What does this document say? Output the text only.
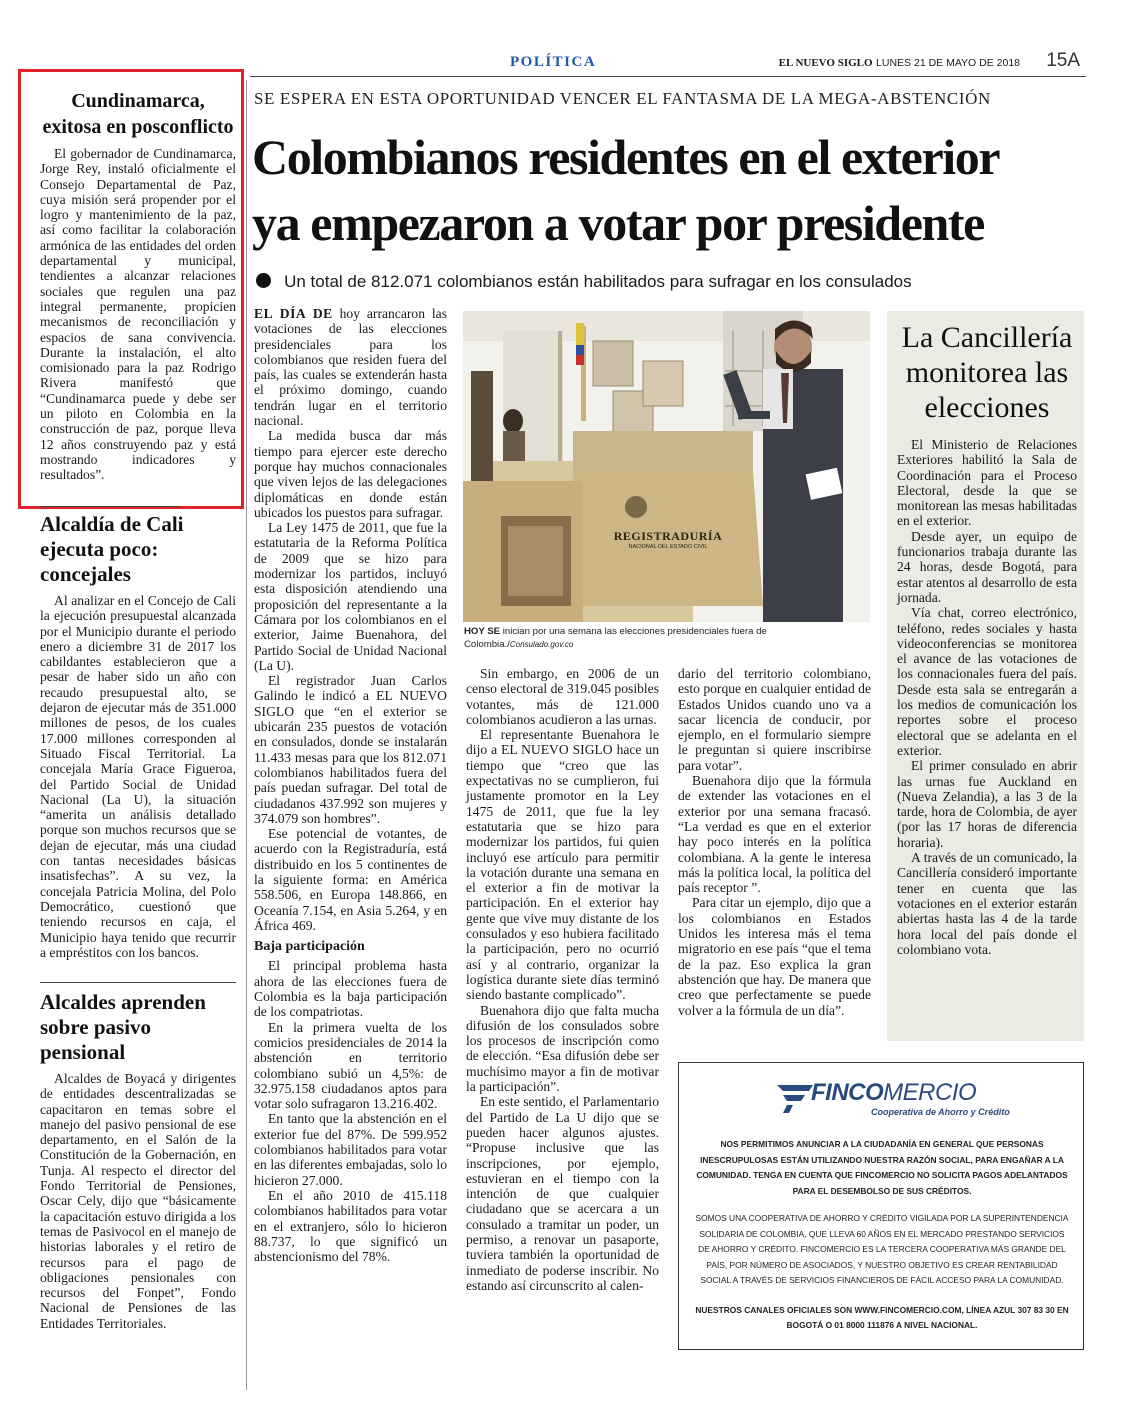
POLÍTICA	EL NUEVO SIGLO LUNES 21 DE MAYO DE 2018 15A
Cundinamarca, exitosa en posconflicto

El gobernador de Cundinamarca, Jorge Rey, instaló oficialmente el Consejo Departamental de Paz, cuya misión será propender por el logro y mantenimiento de la paz, así como facilitar la colaboración armónica de las entidades del orden departamental y municipal, tendientes a alcanzar relaciones sociales que regulen una paz integral permanente, propicien mecanismos de reconciliación y espacios de sana convivencia. Durante la instalación, el alto comisionado para la paz Rodrigo Rivera manifestó que “Cundinamarca puede y debe ser un piloto en Colombia en la construcción de paz, porque lleva 12 años construyendo paz y está mostrando indicadores y resultados”.

Alcaldía de Cali ejecuta poco: concejales

Al analizar en el Concejo de Cali la ejecución presupuestal alcanzada por el Municipio durante el periodo enero a diciembre 31 de 2017 los cabildantes establecieron que a pesar de haber sido un año con recaudo presupuestal alto, se dejaron de ejecutar más de 351.000 millones de pesos, de los cuales 17.000 millones corresponden al Situado Fiscal Territorial. La concejala María Grace Figueroa, del Partido Social de Unidad Nacional (La U), la situación “amerita un análisis detallado porque son muchos recursos que se dejan de ejecutar, más una ciudad con tantas necesidades básicas insatisfechas”. A su vez, la concejala Patricia Molina, del Polo Democrático, cuestionó que teniendo recursos en caja, el Municipio haya tenido que recurrir a empréstitos con los bancos.

Alcaldes aprenden sobre pasivo pensional

Alcaldes de Boyacá y dirigentes de entidades descentralizadas se capacitaron en temas sobre el manejo del pasivo pensional de ese departamento, en el Salón de la Constitución de la Gobernación, en Tunja. Al respecto el director del Fondo Territorial de Pensiones, Oscar Cely, dijo que “básicamente la capacitación estuvo dirigida a los temas de Pasivocol en el manejo de historias laborales y el retiro de recursos para el pago de obligaciones pensionales con recursos del Fonpet”, Fondo Nacional de Pensiones de las Entidades Territoriales.

SE ESPERA EN ESTA OPORTUNIDAD VENCER EL FANTASMA DE LA MEGA-ABSTENCIÓN
Colombianos residentes en el exterior
ya empezaron a votar por presidente
Un total de 812.071 colombianos están habilitados para sufragar en los consulados

EL DÍA DE hoy arrancaron las votaciones de las elecciones presidenciales para los colombianos que residen fuera del país, las cuales se extenderán hasta el próximo domingo, cuando tendrán lugar en el territorio nacional.

La medida busca dar más tiempo para ejercer este derecho porque hay muchos connacionales que viven lejos de las delegaciones diplomáticas en donde están ubicados los puestos para sufragar.

La Ley 1475 de 2011, que fue la estatutaria de la Reforma Política de 2009 que se hizo para modernizar los partidos, incluyó esta disposición atendiendo una proposición del representante a la Cámara por los colombianos en el exterior, Jaime Buenahora, del Partido Social de Unidad Nacional (La U).

El registrador Juan Carlos Galindo le indicó a EL NUEVO SIGLO que “en el exterior se ubicarán 235 puestos de votación en consulados, donde se instalarán 11.433 mesas para que los 812.071 colombianos habilitados fuera del país puedan sufragar. Del total de ciudadanos 437.992 son mujeres y 374.079 son hombres”.

Ese potencial de votantes, de acuerdo con la Registraduría, está distribuido en los 5 continentes de la siguiente forma: en América 558.506, en Europa 148.866, en Oceanía 7.154, en Asia 5.264, y en África 469.

Baja participación

El principal problema hasta ahora de las elecciones fuera de Colombia es la baja participación de los compatriotas.

En la primera vuelta de los comicios presidenciales de 2014 la abstención en territorio colombiano subió un 4,5%: de 32.975.158 ciudadanos aptos para votar solo sufragaron 13.216.402.

En tanto que la abstención en el exterior fue del 87%. De 599.952 colombianos habilitados para votar en las diferentes embajadas, solo lo hicieron 27.000.

En el año 2010 de 415.118 colombianos habilitados para votar en el extranjero, sólo lo hicieron 88.737, lo que significó un abstencionismo del 78%.

REGISTRADURÍA
NACIONAL DEL ESTADO CIVIL
HOY SE inician por una semana las elecciones presidenciales fuera de Colombia./Consulado.gov.co

Sin embargo, en 2006 de un censo electoral de 319.045 posibles votantes, más de 121.000 colombianos acudieron a las urnas.

El representante Buenahora le dijo a EL NUEVO SIGLO hace un tiempo que “creo que las expectativas no se cumplieron, fui justamente promotor en la Ley 1475 de 2011, que fue la ley estatutaria que se hizo para modernizar los partidos, fui quien incluyó ese artículo para permitir la votación durante una semana en el exterior a fin de motivar la participación. En el exterior hay gente que vive muy distante de los consulados y eso hubiera facilitado la participación, pero no ocurrió así y al contrario, organizar la logística durante siete días terminó siendo bastante complicado”.

Buenahora dijo que falta mucha difusión de los consulados sobre los procesos de inscripción como de elección. “Esa difusión debe ser muchísimo mayor a fin de motivar la participación”.

En este sentido, el Parlamentario del Partido de La U dijo que se pueden hacer algunos ajustes. “Propuse inclusive que las inscripciones, por ejemplo, estuvieran en el tiempo con la intención de que cualquier ciudadano que se acercara a un consulado a tramitar un poder, un permiso, a renovar un pasaporte, tuviera también la oportunidad de inmediato de poderse inscribir. No estando así circunscrito al calen-

dario del territorio colombiano, esto porque en cualquier entidad de Estados Unidos cuando uno va a sacar licencia de conducir, por ejemplo, en el formulario siempre le preguntan si quiere inscribirse para votar”.

Buenahora dijo que la fórmula de extender las votaciones en el exterior por una semana fracasó. “La verdad es que en el exterior hay poco interés en la política colombiana. A la gente le interesa más la política local, la política del país receptor ”.

Para citar un ejemplo, dijo que a los colombianos en Estados Unidos les interesa más el tema migratorio en ese país “que el tema de la paz. Eso explica la gran abstención que hay. De manera que creo que perfectamente se puede volver a la fórmula de un día”.

La Cancillería monitorea las elecciones

El Ministerio de Relaciones Exteriores habilitó la Sala de Coordinación para el Proceso Electoral, desde la que se monitorean las mesas habilitadas en el exterior.

Desde ayer, un equipo de funcionarios trabaja durante las 24 horas, desde Bogotá, para estar atentos al desarrollo de esta jornada.

Vía chat, correo electrónico, teléfono, redes sociales y hasta videoconferencias se monitorea el avance de las votaciones de los connacionales fuera del país. Desde esta sala se entregarán a los medios de comunicación los reportes sobre el proceso electoral que se adelanta en el exterior.

El primer consulado en abrir las urnas fue Auckland en (Nueva Zelandia), a las 3 de la tarde, hora de Colombia, de ayer (por las 17 horas de diferencia horaria).

A través de un comunicado, la Cancillería consideró importante tener en cuenta que las votaciones en el exterior estarán abiertas hasta las 4 de la tarde hora local del país donde el colombiano vota.

FINCOMERCIO
Cooperativa de Ahorro y Crédito

NOS PERMITIMOS ANUNCIAR A LA CIUDADANÍA EN GENERAL QUE PERSONAS INESCRUPULOSAS ESTÁN UTILIZANDO NUESTRA RAZÓN SOCIAL, PARA ENGAÑAR A LA COMUNIDAD. TENGA EN CUENTA QUE FINCOMERCIO NO SOLICITA PAGOS ADELANTADOS PARA EL DESEMBOLSO DE SUS CRÉDITOS.

SOMOS UNA COOPERATIVA DE AHORRO Y CRÉDITO VIGILADA POR LA SUPERINTENDENCIA SOLIDARIA DE COLOMBIA, QUE LLEVA 60 AÑOS EN EL MERCADO PRESTANDO SERVICIOS DE AHORRO Y CRÉDITO. FINCOMERCIO ES LA TERCERA COOPERATIVA MÁS GRANDE DEL PAÍS, POR NÚMERO DE ASOCIADOS, Y NUESTRO OBJETIVO ES CREAR RENTABILIDAD SOCIAL A TRAVÉS DE SERVICIOS FINANCIEROS DE FÁCIL ACCESO PARA LA COMUNIDAD.

NUESTROS CANALES OFICIALES SON WWW.FINCOMERCIO.COM, LÍNEA AZUL 307 83 30 EN BOGOTÁ O 01 8000 111876 A NIVEL NACIONAL.
